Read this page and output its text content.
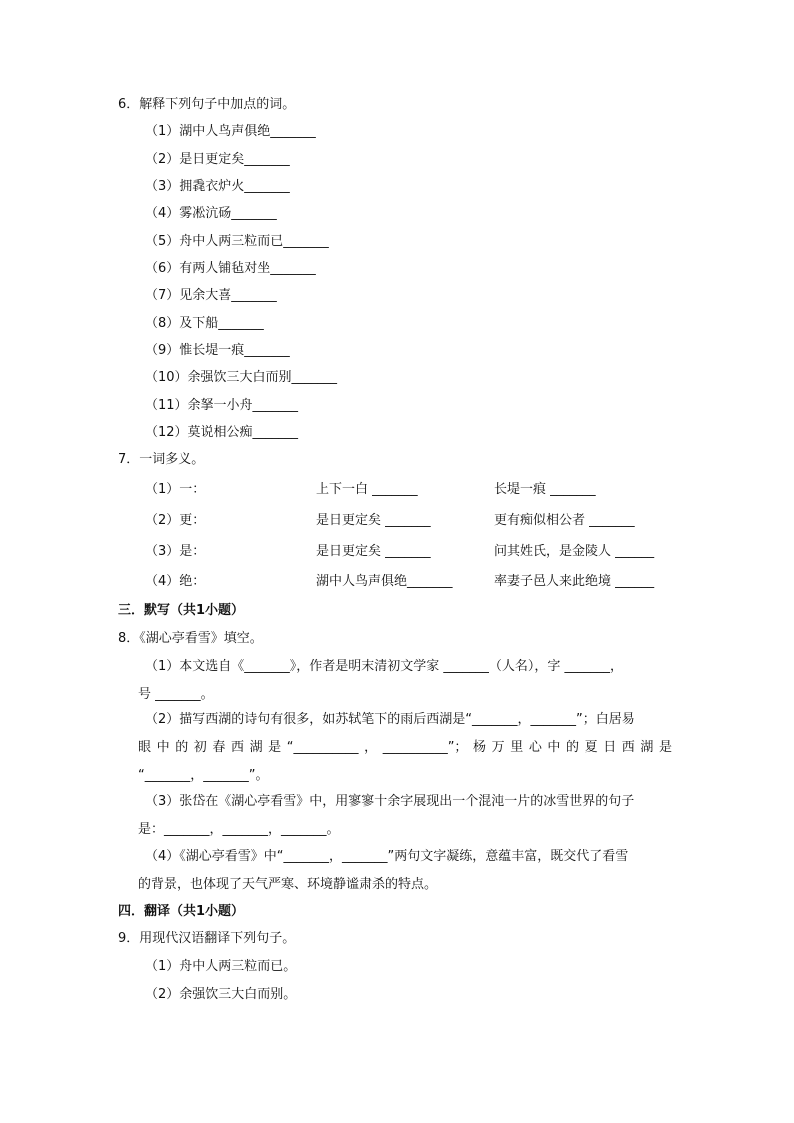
6．解释下列句子中加点的词。
（1）湖中人鸟声俱绝_______
（2）是日更定矣_______
（3）拥毳衣炉火_______
（4）雾凇沆砀_______
（5）舟中人两三粒而已_______
（6）有两人铺毡对坐_______
（7）见余大喜_______
（8）及下船_______
（9）惟长堤一痕_______
（10）余强饮三大白而别_______
（11）余拏一小舟_______
（12）莫说相公痴_______
7．一词多义。
（1）一：	上下一白 _______	长堤一痕 _______
（2）更：	是日更定矣 _______	更有痴似相公者 _______
（3）是：	是日更定矣 _______	问其姓氏，是金陵人 ______
（4）绝：	湖中人鸟声俱绝_______	率妻子邑人来此绝境 ______
三．默写（共1小题）
8．《湖心亭看雪》填空。
（1）本文选自《_______》，作者是明末清初文学家 _______（人名），字 _______，
号 _______。
（2）描写西湖的诗句有很多，如苏轼笔下的雨后西湖是“_______，_______”；白居易
眼中的初春西湖是“__________，__________”；杨万里心中的夏日西湖是
“_______，_______”。
（3）张岱在《湖心亭看雪》中，用寥寥十余字展现出一个混沌一片的冰雪世界的句子
是：_______，_______，_______。
（4）《湖心亭看雪》中“_______，_______”两句文字凝练，意蕴丰富，既交代了看雪
的背景，也体现了天气严寒、环境静谧肃杀的特点。
四．翻译（共1小题）
9．用现代汉语翻译下列句子。
（1）舟中人两三粒而已。
（2）余强饮三大白而别。
